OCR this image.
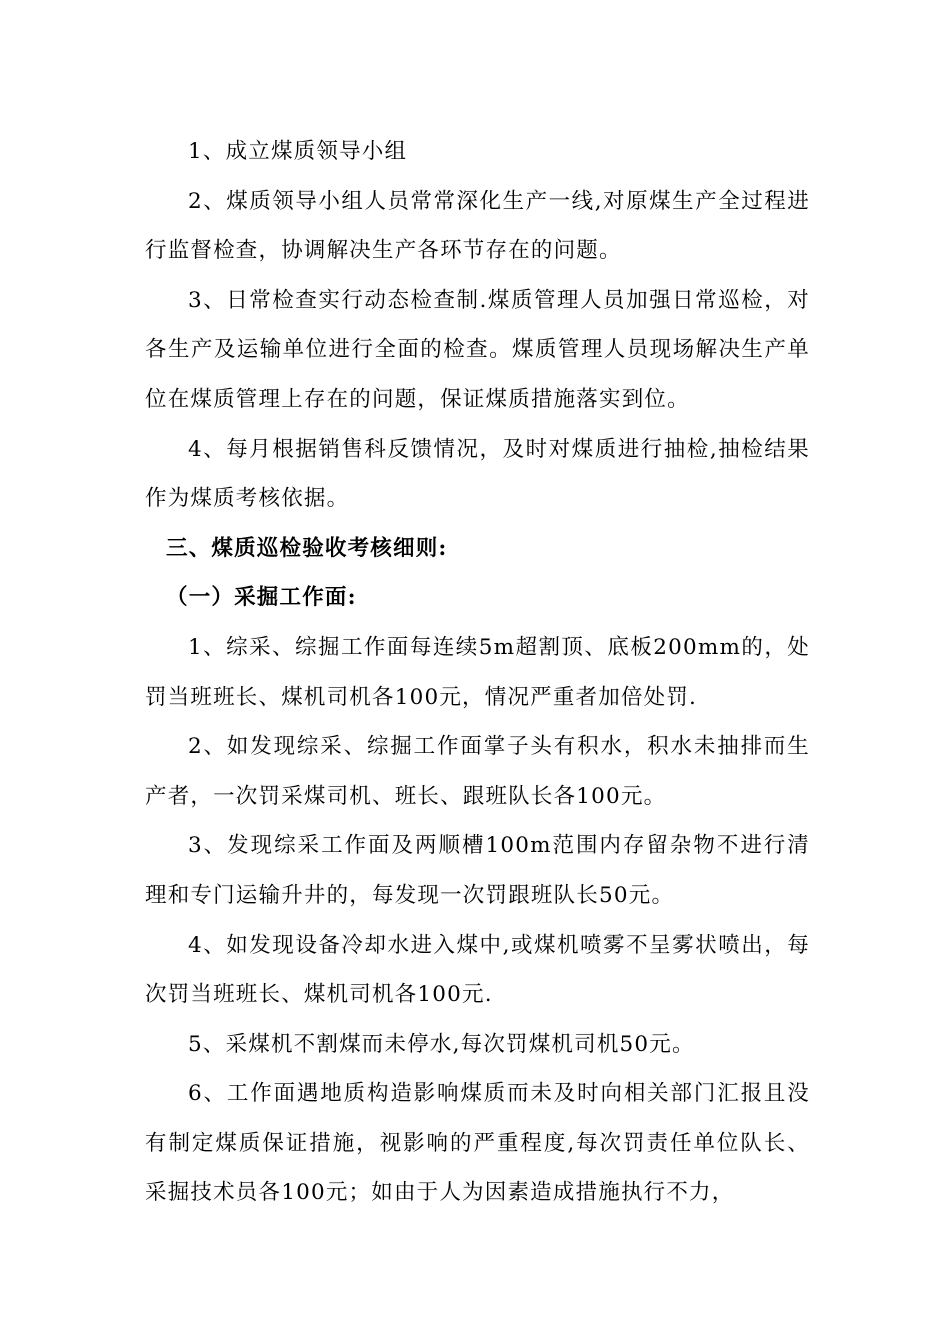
1、成立煤质领导小组

2、煤质领导小组人员常常深化生产一线,对原煤生产全过程进行监督检查，协调解决生产各环节存在的问题。

3、日常检查实行动态检查制.煤质管理人员加强日常巡检，对各生产及运输单位进行全面的检查。煤质管理人员现场解决生产单位在煤质管理上存在的问题，保证煤质措施落实到位。

4、每月根据销售科反馈情况，及时对煤质进行抽检,抽检结果作为煤质考核依据。

三、煤质巡检验收考核细则:

（一）采掘工作面:

1、综采、综掘工作面每连续5m超割顶、底板200mm的，处罚当班班长、煤机司机各100元，情况严重者加倍处罚.

2、如发现综采、综掘工作面掌子头有积水，积水未抽排而生产者，一次罚采煤司机、班长、跟班队长各100元。

3、发现综采工作面及两顺槽100m范围内存留杂物不进行清理和专门运输升井的，每发现一次罚跟班队长50元。

4、如发现设备冷却水进入煤中,或煤机喷雾不呈雾状喷出，每次罚当班班长、煤机司机各100元.

5、采煤机不割煤而未停水,每次罚煤机司机50元。

6、工作面遇地质构造影响煤质而未及时向相关部门汇报且没有制定煤质保证措施，视影响的严重程度,每次罚责任单位队长、采掘技术员各100元；如由于人为因素造成措施执行不力，
